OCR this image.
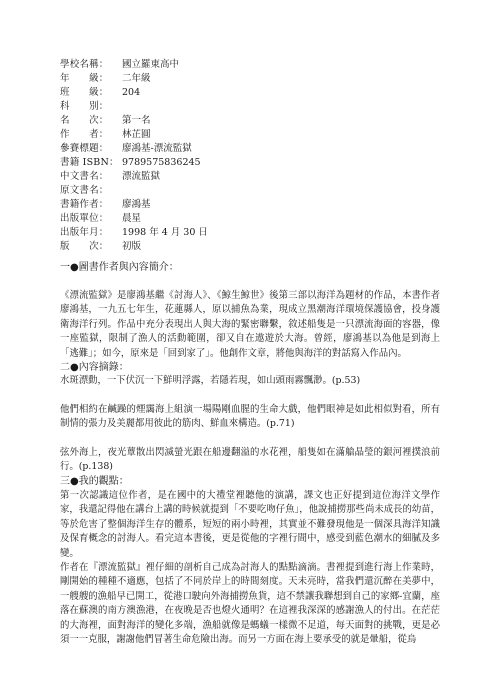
學校名稱：	國立羅東高中
年　　級：	二年級
班　　級：	204
科　　別：
名　　次：	第一名
作　　者：	林芷圓
參賽標題：	廖鴻基-漂流監獄
書籍 ISBN： 9789575836245
中文書名：	漂流監獄
原文書名：
書籍作者：	廖鴻基
出版單位：	晨星
出版年月：	1998 年 4 月 30 日
版　　次：	初版
一●圖書作者與內容簡介：
《漂流監獄》是廖鴻基繼《討海人》、《鯨生鯨世》後第三部以海洋為題材的作品，本書作者廖鴻基，一九五七年生，花蓮縣人，原以捕魚為業，現成立黑潮海洋環境保護協會，投身護衛海洋行列。作品中充分表現出人與大海的緊密聯繫，敘述船隻是一只漂流海面的容器，像一座監獄，限制了漁人的活動範圍，卻又自在遨遊於大海。曾經，廖鴻基以為他是到海上「逃難」；如今，原來是「回到家了」。他創作文章，將他與海洋的對話寫入作品內。
二●內容摘錄：
水斑漂動，一下伏沉一下鮮明浮露，若隱若現，如山頭雨霧飄渺。(p.53)
他們相約在鹹躁的煙靄海上組演一場陽剛血腥的生命大戲，他們眼神是如此相似對看，所有制情的張力及美麗都用彼此的筋肉、鮮血來構造。(p.71)
弦外海上，夜光蕈散出閃滅螢光跟在船邊翻溢的水花裡，船隻如在滿艙晶瑩的銀河裡撲浪前行。(p.138)
三●我的觀點：
第一次認識這位作者，是在國中的大禮堂裡聽他的演講，課文也正好提到這位海洋文學作家，我還記得他在講台上講的時候就提到「不要吃吻仔魚」，他說捕撈那些尚未成長的幼苗，等於危害了整個海洋生存的體系，短短的兩小時裡，其實並不難發現他是一個深具海洋知識及保育概念的討海人。看完這本書後，更是從他的字裡行間中，感受到藍色潮水的細膩及多變。
作者在『漂流監獄』裡仔細的剖析自己成為討海人的點點滴滴。書裡提到進行海上作業時，剛開始的種種不適應，包括了不同於岸上的時間刻度。天未亮時，當我們還沉醉在美夢中，一艘艘的漁船早已開工，從港口駛向外海捕撈魚貨，這不禁讓我聯想到自己的家鄉-宜蘭，座落在蘇澳的南方澳漁港，在夜晚是否也燈火通明？在這裡我深深的感謝漁人的付出。在茫茫的大海裡，面對海洋的變化多端，漁船就像是螞蟻一樣微不足道，每天面對的挑戰，更是必須一一克服，謝謝他們冒著生命危險出海。而另一方面在海上要承受的就是暈船，從烏
